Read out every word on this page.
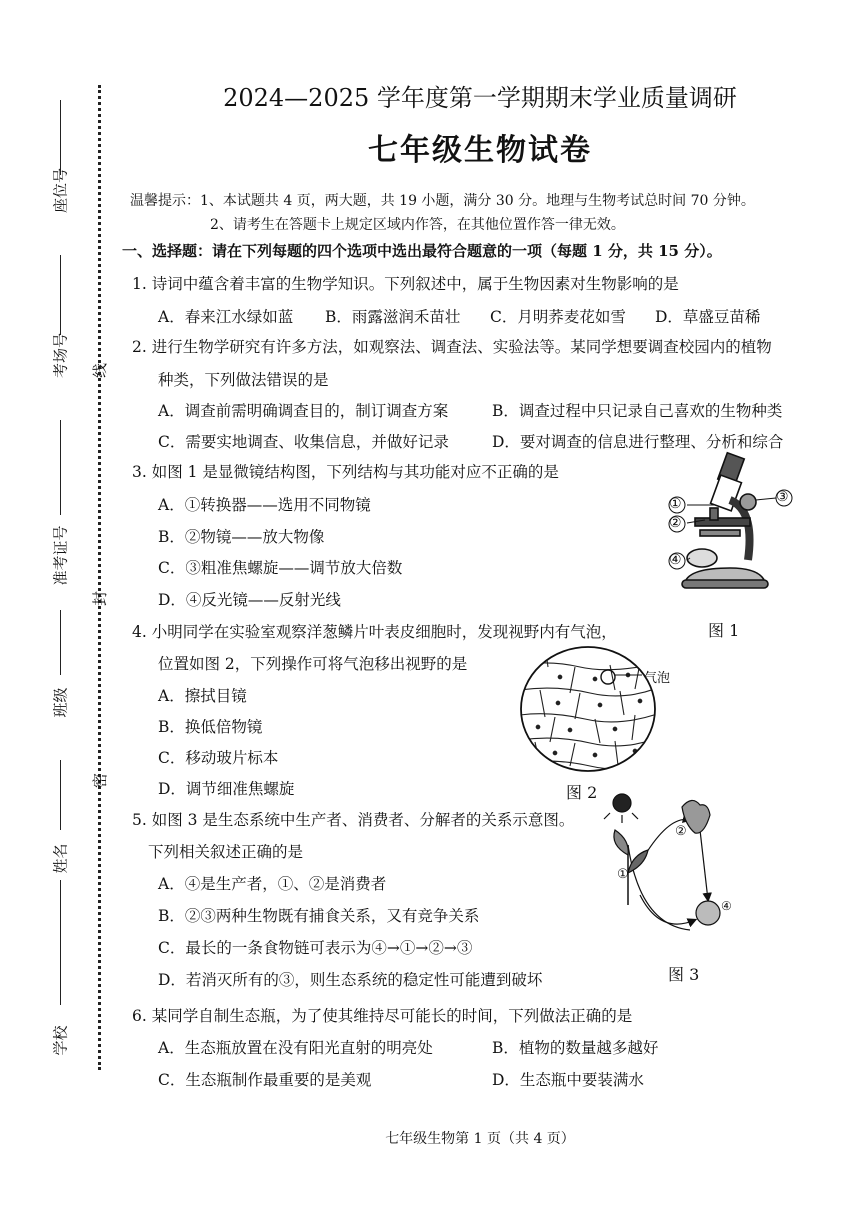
座位号
考场号
准考证号
班级
姓名
学校
线
封
密
2024—2025 学年度第一学期期末学业质量调研
七年级生物试卷
温馨提示：1、本试题共 4 页，两大题，共 19 小题，满分 30 分。地理与生物考试总时间 70 分钟。
2、请考生在答题卡上规定区域内作答，在其他位置作答一律无效。
一、选择题：请在下列每题的四个选项中选出最符合题意的一项（每题 1 分，共 15 分）。
1. 诗词中蕴含着丰富的生物学知识。下列叙述中，属于生物因素对生物影响的是
A．春来江水绿如蓝 B．雨露滋润禾苗壮 C．月明荞麦花如雪 D．草盛豆苗稀
2. 进行生物学研究有许多方法，如观察法、调查法、实验法等。某同学想要调查校园内的植物
种类，下列做法错误的是
A．调查前需明确调查目的，制订调查方案	B．调查过程中只记录自己喜欢的生物种类
C．需要实地调查、收集信息，并做好记录	D．要对调查的信息进行整理、分析和综合
3. 如图 1 是显微镜结构图，下列结构与其功能对应不正确的是
A．①转换器——选用不同物镜
B．②物镜——放大物像
C．③粗准焦螺旋——调节放大倍数
D．④反光镜——反射光线
①
②
③
④
图 1
4. 小明同学在实验室观察洋葱鳞片叶表皮细胞时，发现视野内有气泡，
位置如图 2，下列操作可将气泡移出视野的是
A．擦拭目镜
B．换低倍物镜
C．移动玻片标本
D．调节细准焦螺旋
气泡
图 2
5. 如图 3 是生态系统中生产者、消费者、分解者的关系示意图。
下列相关叙述正确的是
A．④是生产者，①、②是消费者
B．②③两种生物既有捕食关系，又有竞争关系
C．最长的一条食物链可表示为④→①→②→③
D．若消灭所有的③，则生态系统的稳定性可能遭到破坏
①
②
④
图 3
6. 某同学自制生态瓶，为了使其维持尽可能长的时间，下列做法正确的是
A．生态瓶放置在没有阳光直射的明亮处	B．植物的数量越多越好
C．生态瓶制作最重要的是美观	D．生态瓶中要装满水
七年级生物第 1 页（共 4 页）
